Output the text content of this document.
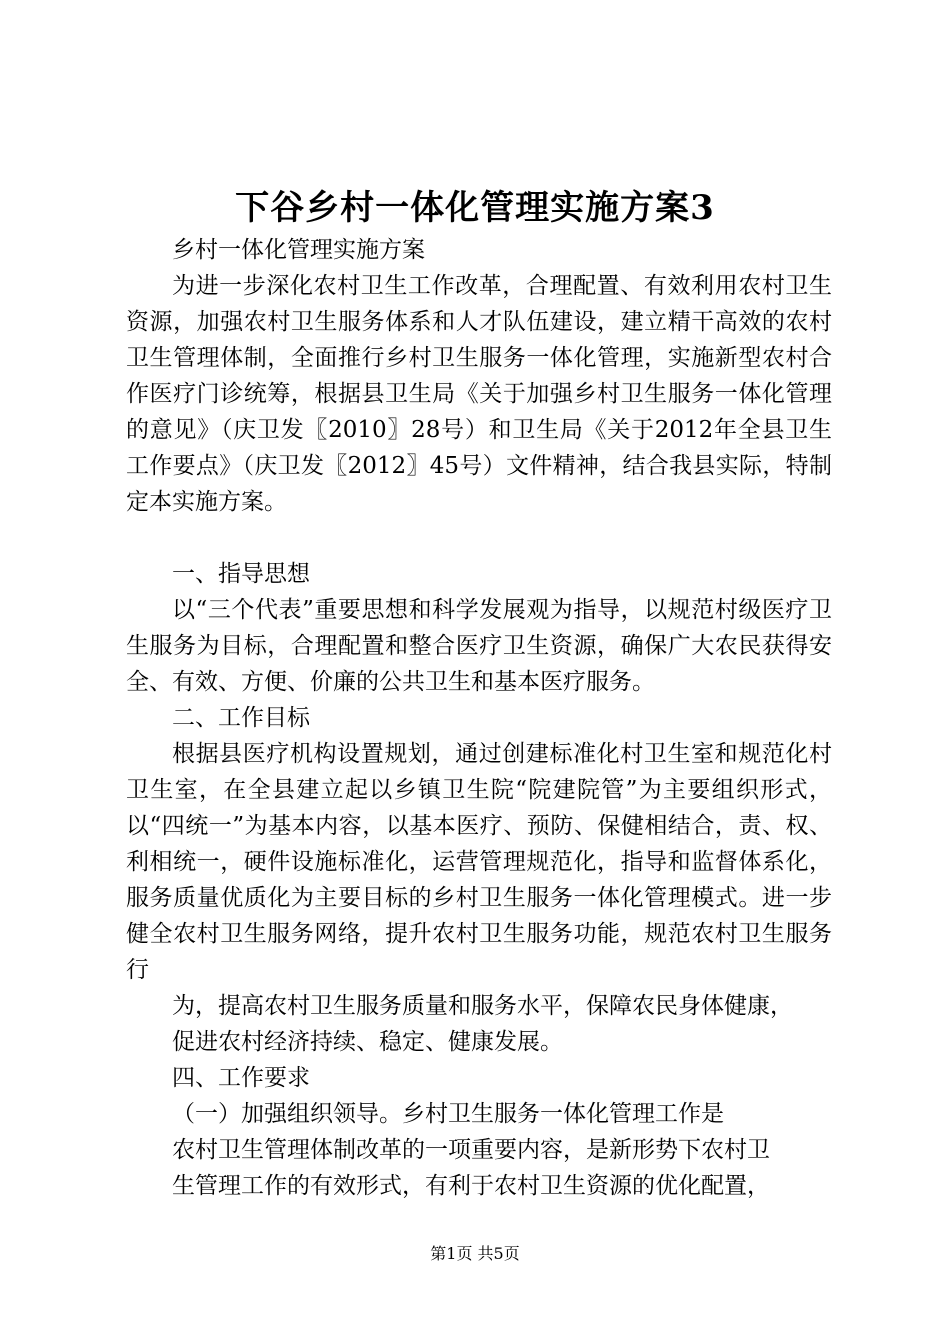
下谷乡村一体化管理实施方案3

乡村一体化管理实施方案

为进一步深化农村卫生工作改革，合理配置、有效利用农村卫生资源，加强农村卫生服务体系和人才队伍建设，建立精干高效的农村卫生管理体制，全面推行乡村卫生服务一体化管理，实施新型农村合作医疗门诊统筹，根据县卫生局《关于加强乡村卫生服务一体化管理的意见》（庆卫发〖2010〗28号）和卫生局《关于2012年全县卫生工作要点》（庆卫发〖2012〗45号）文件精神，结合我县实际，特制定本实施方案。

一、指导思想

以“三个代表”重要思想和科学发展观为指导，以规范村级医疗卫生服务为目标，合理配置和整合医疗卫生资源，确保广大农民获得安全、有效、方便、价廉的公共卫生和基本医疗服务。

二、工作目标

根据县医疗机构设置规划，通过创建标准化村卫生室和规范化村卫生室，在全县建立起以乡镇卫生院“院建院管”为主要组织形式，以“四统一”为基本内容，以基本医疗、预防、保健相结合，责、权、利相统一，硬件设施标准化，运营管理规范化，指导和监督体系化，服务质量优质化为主要目标的乡村卫生服务一体化管理模式。进一步健全农村卫生服务网络，提升农村卫生服务功能，规范农村卫生服务行

为，提高农村卫生服务质量和服务水平，保障农民身体健康，

促进农村经济持续、稳定、健康发展。

四、工作要求

（一）加强组织领导。乡村卫生服务一体化管理工作是

农村卫生管理体制改革的一项重要内容，是新形势下农村卫

生管理工作的有效形式，有利于农村卫生资源的优化配置，

第1页 共5页
